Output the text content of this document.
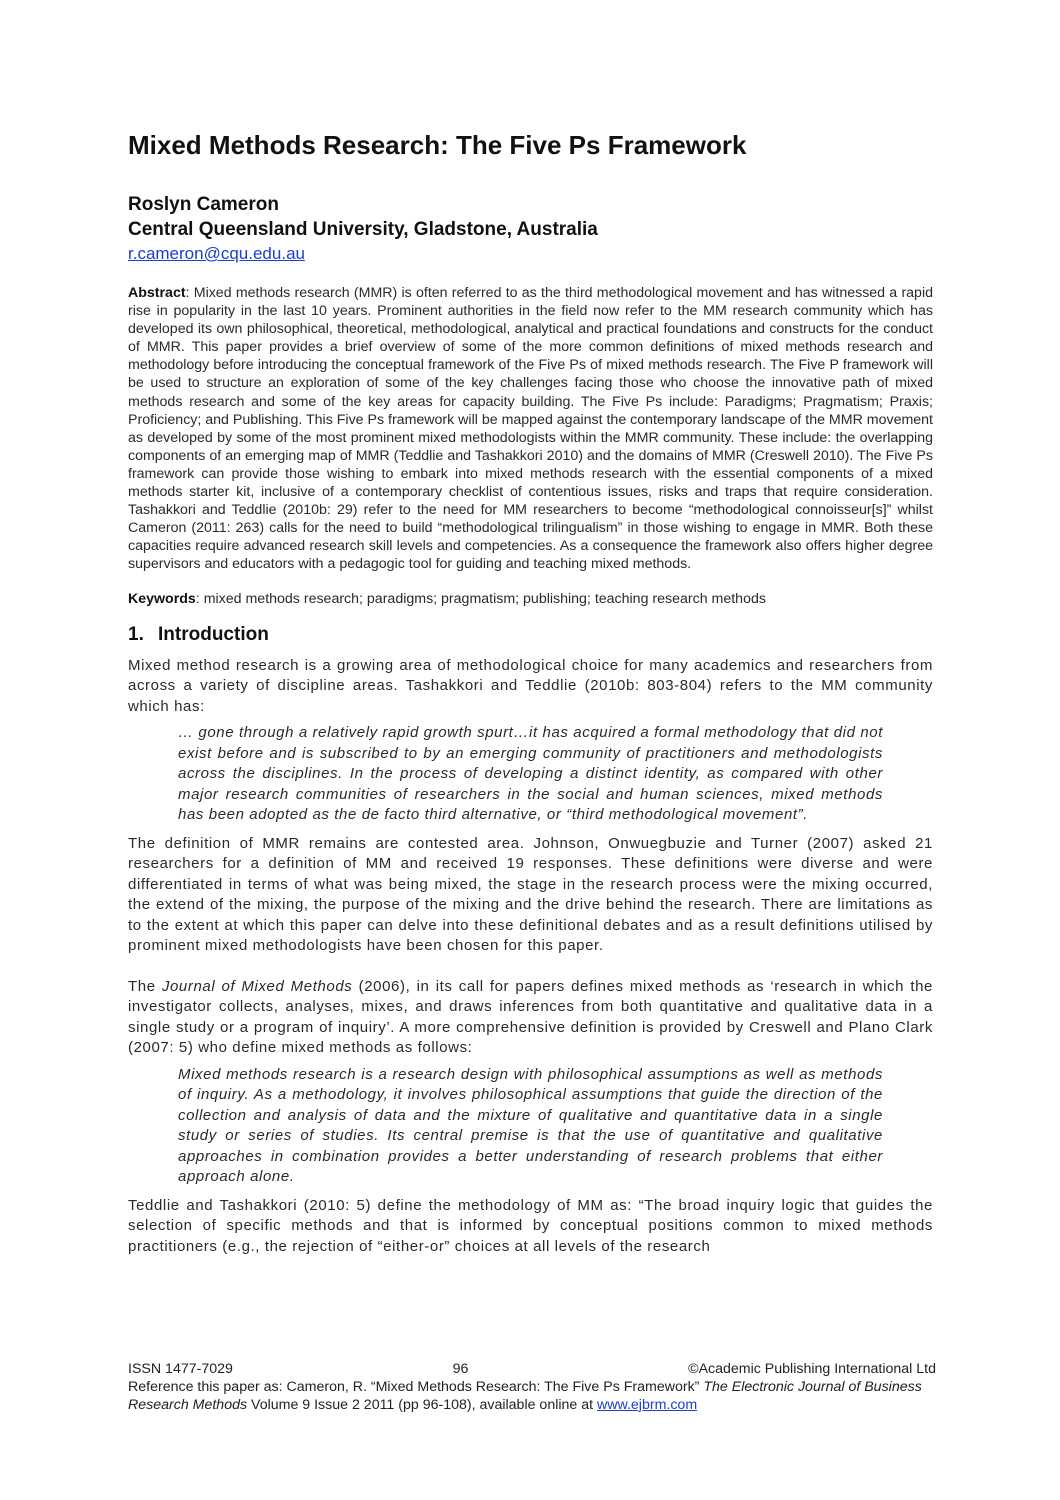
Mixed Methods Research: The Five Ps Framework
Roslyn Cameron
Central Queensland University, Gladstone, Australia
r.cameron@cqu.edu.au
Abstract: Mixed methods research (MMR) is often referred to as the third methodological movement and has witnessed a rapid rise in popularity in the last 10 years. Prominent authorities in the field now refer to the MM research community which has developed its own philosophical, theoretical, methodological, analytical and practical foundations and constructs for the conduct of MMR. This paper provides a brief overview of some of the more common definitions of mixed methods research and methodology before introducing the conceptual framework of the Five Ps of mixed methods research. The Five P framework will be used to structure an exploration of some of the key challenges facing those who choose the innovative path of mixed methods research and some of the key areas for capacity building. The Five Ps include: Paradigms; Pragmatism; Praxis; Proficiency; and Publishing. This Five Ps framework will be mapped against the contemporary landscape of the MMR movement as developed by some of the most prominent mixed methodologists within the MMR community. These include: the overlapping components of an emerging map of MMR (Teddlie and Tashakkori 2010) and the domains of MMR (Creswell 2010). The Five Ps framework can provide those wishing to embark into mixed methods research with the essential components of a mixed methods starter kit, inclusive of a contemporary checklist of contentious issues, risks and traps that require consideration. Tashakkori and Teddlie (2010b: 29) refer to the need for MM researchers to become “methodological connoisseur[s]” whilst Cameron (2011: 263) calls for the need to build “methodological trilingualism” in those wishing to engage in MMR. Both these capacities require advanced research skill levels and competencies. As a consequence the framework also offers higher degree supervisors and educators with a pedagogic tool for guiding and teaching mixed methods.
Keywords: mixed methods research; paradigms; pragmatism; publishing; teaching research methods
1. Introduction

Mixed method research is a growing area of methodological choice for many academics and researchers from across a variety of discipline areas. Tashakkori and Teddlie (2010b: 803-804) refers to the MM community which has:

… gone through a relatively rapid growth spurt…it has acquired a formal methodology that did not exist before and is subscribed to by an emerging community of practitioners and methodologists across the disciplines. In the process of developing a distinct identity, as compared with other major research communities of researchers in the social and human sciences, mixed methods has been adopted as the de facto third alternative, or “third methodological movement”.

The definition of MMR remains are contested area. Johnson, Onwuegbuzie and Turner (2007) asked 21 researchers for a definition of MM and received 19 responses. These definitions were diverse and were differentiated in terms of what was being mixed, the stage in the research process were the mixing occurred, the extend of the mixing, the purpose of the mixing and the drive behind the research. There are limitations as to the extent at which this paper can delve into these definitional debates and as a result definitions utilised by prominent mixed methodologists have been chosen for this paper.

The Journal of Mixed Methods (2006), in its call for papers defines mixed methods as ‘research in which the investigator collects, analyses, mixes, and draws inferences from both quantitative and qualitative data in a single study or a program of inquiry’. A more comprehensive definition is provided by Creswell and Plano Clark (2007: 5) who define mixed methods as follows:

Mixed methods research is a research design with philosophical assumptions as well as methods of inquiry. As a methodology, it involves philosophical assumptions that guide the direction of the collection and analysis of data and the mixture of qualitative and quantitative data in a single study or series of studies. Its central premise is that the use of quantitative and qualitative approaches in combination provides a better understanding of research problems that either approach alone.

Teddlie and Tashakkori (2010: 5) define the methodology of MM as: “The broad inquiry logic that guides the selection of specific methods and that is informed by conceptual positions common to mixed methods practitioners (e.g., the rejection of “either-or” choices at all levels of the research

ISSN 1477-7029	96	©Academic Publishing International Ltd
Reference this paper as: Cameron, R. “Mixed Methods Research: The Five Ps Framework” The Electronic Journal of Business Research Methods Volume 9 Issue 2 2011 (pp 96-108), available online at www.ejbrm.com
